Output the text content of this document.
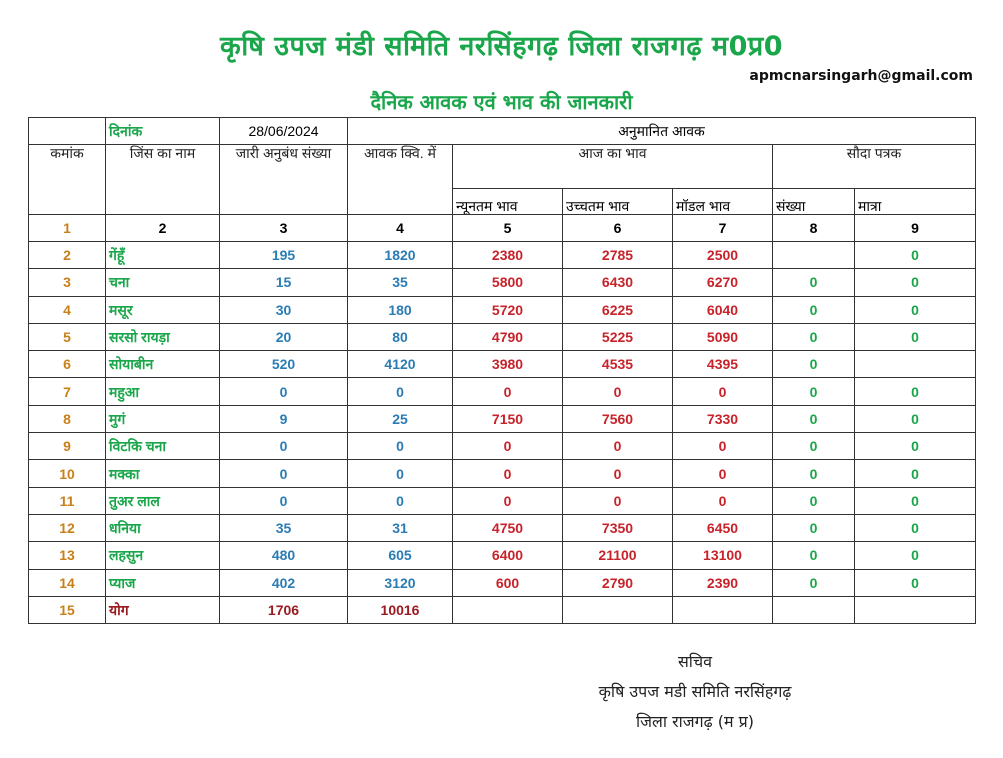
कृषि उपज मंडी समिति नरसिंहगढ़ जिला राजगढ़ म0प्र0
apmcnarsingarh@gmail.com
दैनिक आवक एवं भाव की जानकारी
	दिनांक	28/06/2024	अनुमानित आवक					
कमांक	जिंस का नाम	जारी अनुबंध संख्या	आवक क्वि. में	आज का भाव			सौदा पत्रक	
				न्यूनतम भाव	उच्चतम भाव	मॉडल भाव	संख्या	मात्रा
1	2	3	4	5	6	7	8	9
2	गेंहूँ	195	1820	2380	2785	2500		0
3	चना	15	35	5800	6430	6270	0	0
4	मसूर	30	180	5720	6225	6040	0	0
5	सरसो रायड़ा	20	80	4790	5225	5090	0	0
6	सोयाबीन	520	4120	3980	4535	4395	0	
7	महुआ	0	0	0	0	0	0	0
8	मुगं	9	25	7150	7560	7330	0	0
9	विटकि चना	0	0	0	0	0	0	0
10	मक्का	0	0	0	0	0	0	0
11	तुअर लाल	0	0	0	0	0	0	0
12	धनिया	35	31	4750	7350	6450	0	0
13	लहसुन	480	605	6400	21100	13100	0	0
14	प्याज	402	3120	600	2790	2390	0	0
15	योग	1706	10016					
सचिव
कृषि उपज मडी समिति नरसिंहगढ़
जिला राजगढ़ (म प्र)
